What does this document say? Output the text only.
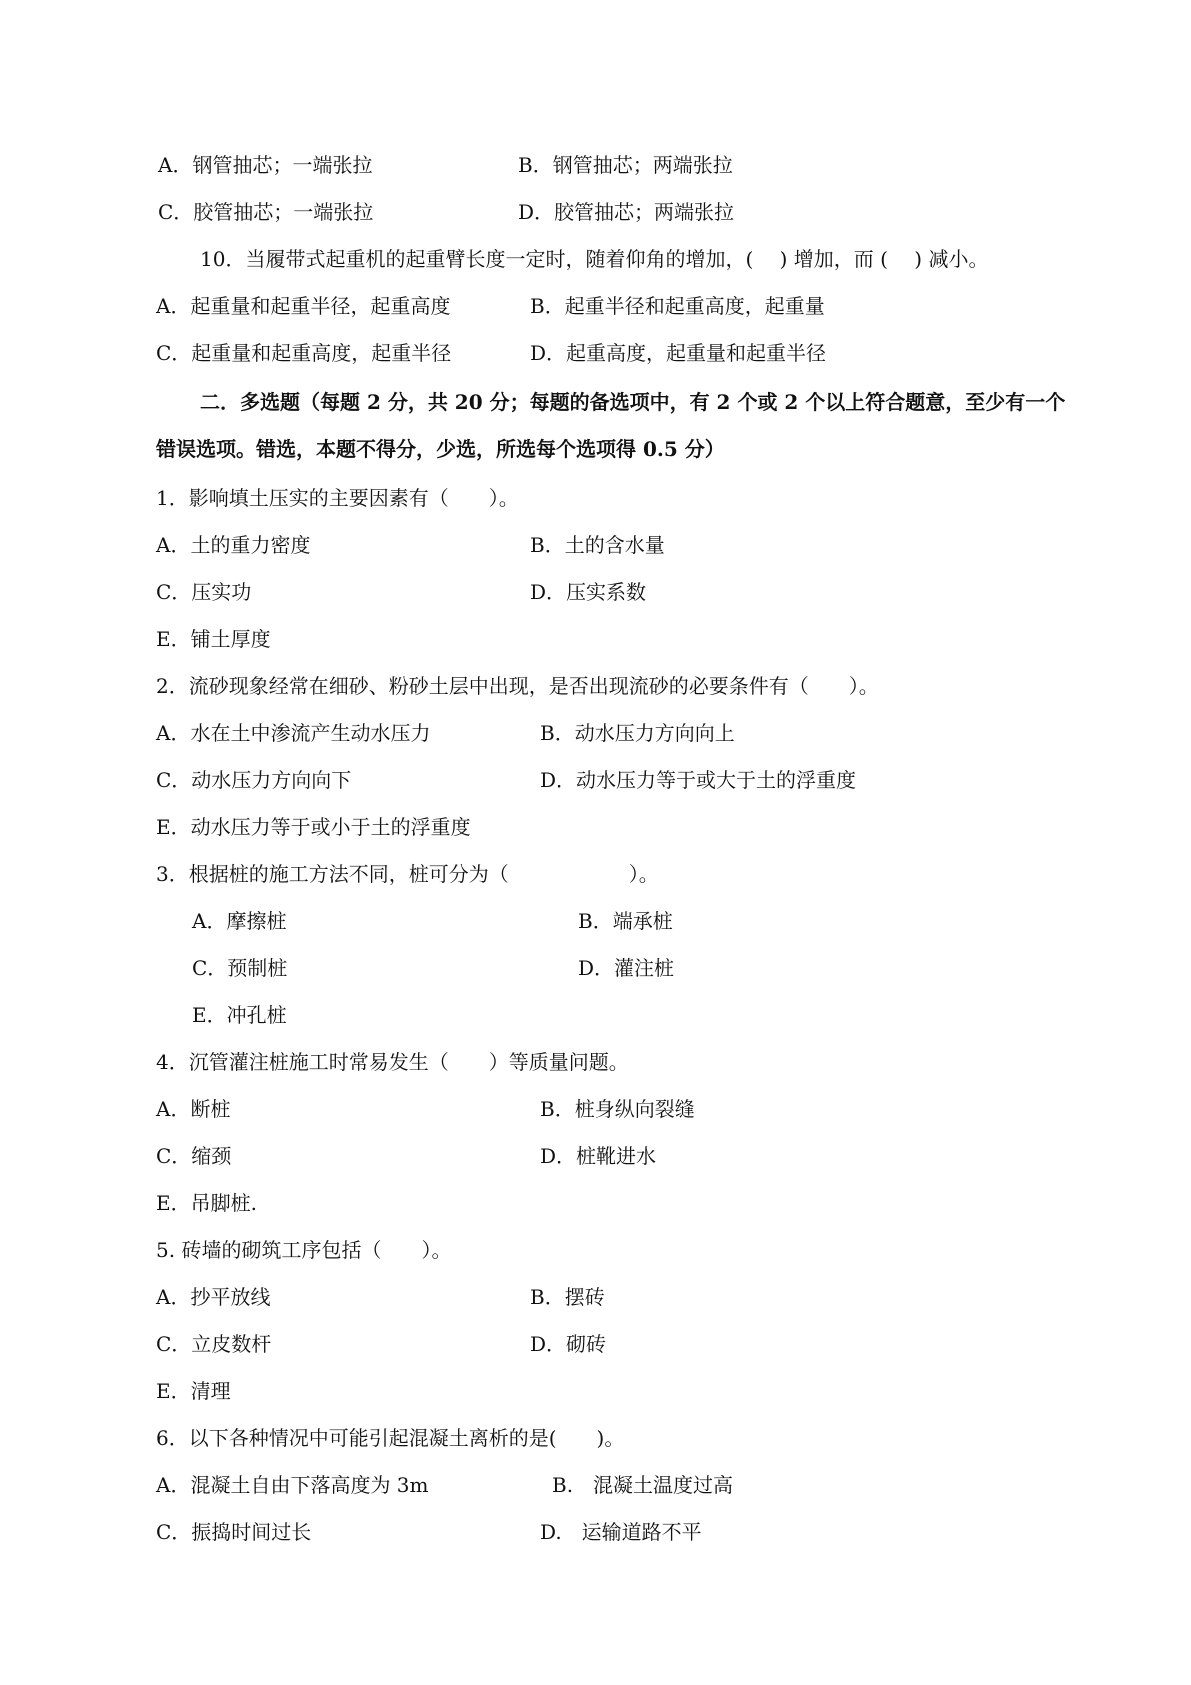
A．钢管抽芯；一端张拉	B．钢管抽芯；两端张拉
C．胶管抽芯；一端张拉	D．胶管抽芯；两端张拉
10．当履带式起重机的起重臂长度一定时，随着仰角的增加，(　 ) 增加，而 (　 ) 减小。
A．起重量和起重半径，起重高度	B．起重半径和起重高度，起重量
C．起重量和起重高度，起重半径	D．起重高度，起重量和起重半径
二．多选题（每题 2 分，共 20 分；每题的备选项中，有 2 个或 2 个以上符合题意，至少有一个
错误选项。错选，本题不得分，少选，所选每个选项得 0.5 分）
1．影响填土压实的主要因素有（　　）。
A．土的重力密度	B．土的含水量
C．压实功	D．压实系数
E．铺土厚度
2．流砂现象经常在细砂、粉砂土层中出现，是否出现流砂的必要条件有（　　）。
A．水在土中渗流产生动水压力	B．动水压力方向向上
C．动水压力方向向下	D．动水压力等于或大于土的浮重度
E．动水压力等于或小于土的浮重度
3．根据桩的施工方法不同，桩可分为（　　　　　　）。
A．摩擦桩	B．端承桩
C．预制桩	D．灌注桩
E．冲孔桩
4．沉管灌注桩施工时常易发生（　　）等质量问题。
A．断桩	B．桩身纵向裂缝
C．缩颈	D．桩靴进水
E．吊脚桩.
5. 砖墙的砌筑工序包括（　　）。
A．抄平放线	B．摆砖
C．立皮数杆	D．砌砖
E．清理
6．以下各种情况中可能引起混凝土离析的是(　　)。
A．混凝土自由下落高度为 3m	B.　混凝土温度过高
C．振捣时间过长	D.　运输道路不平
